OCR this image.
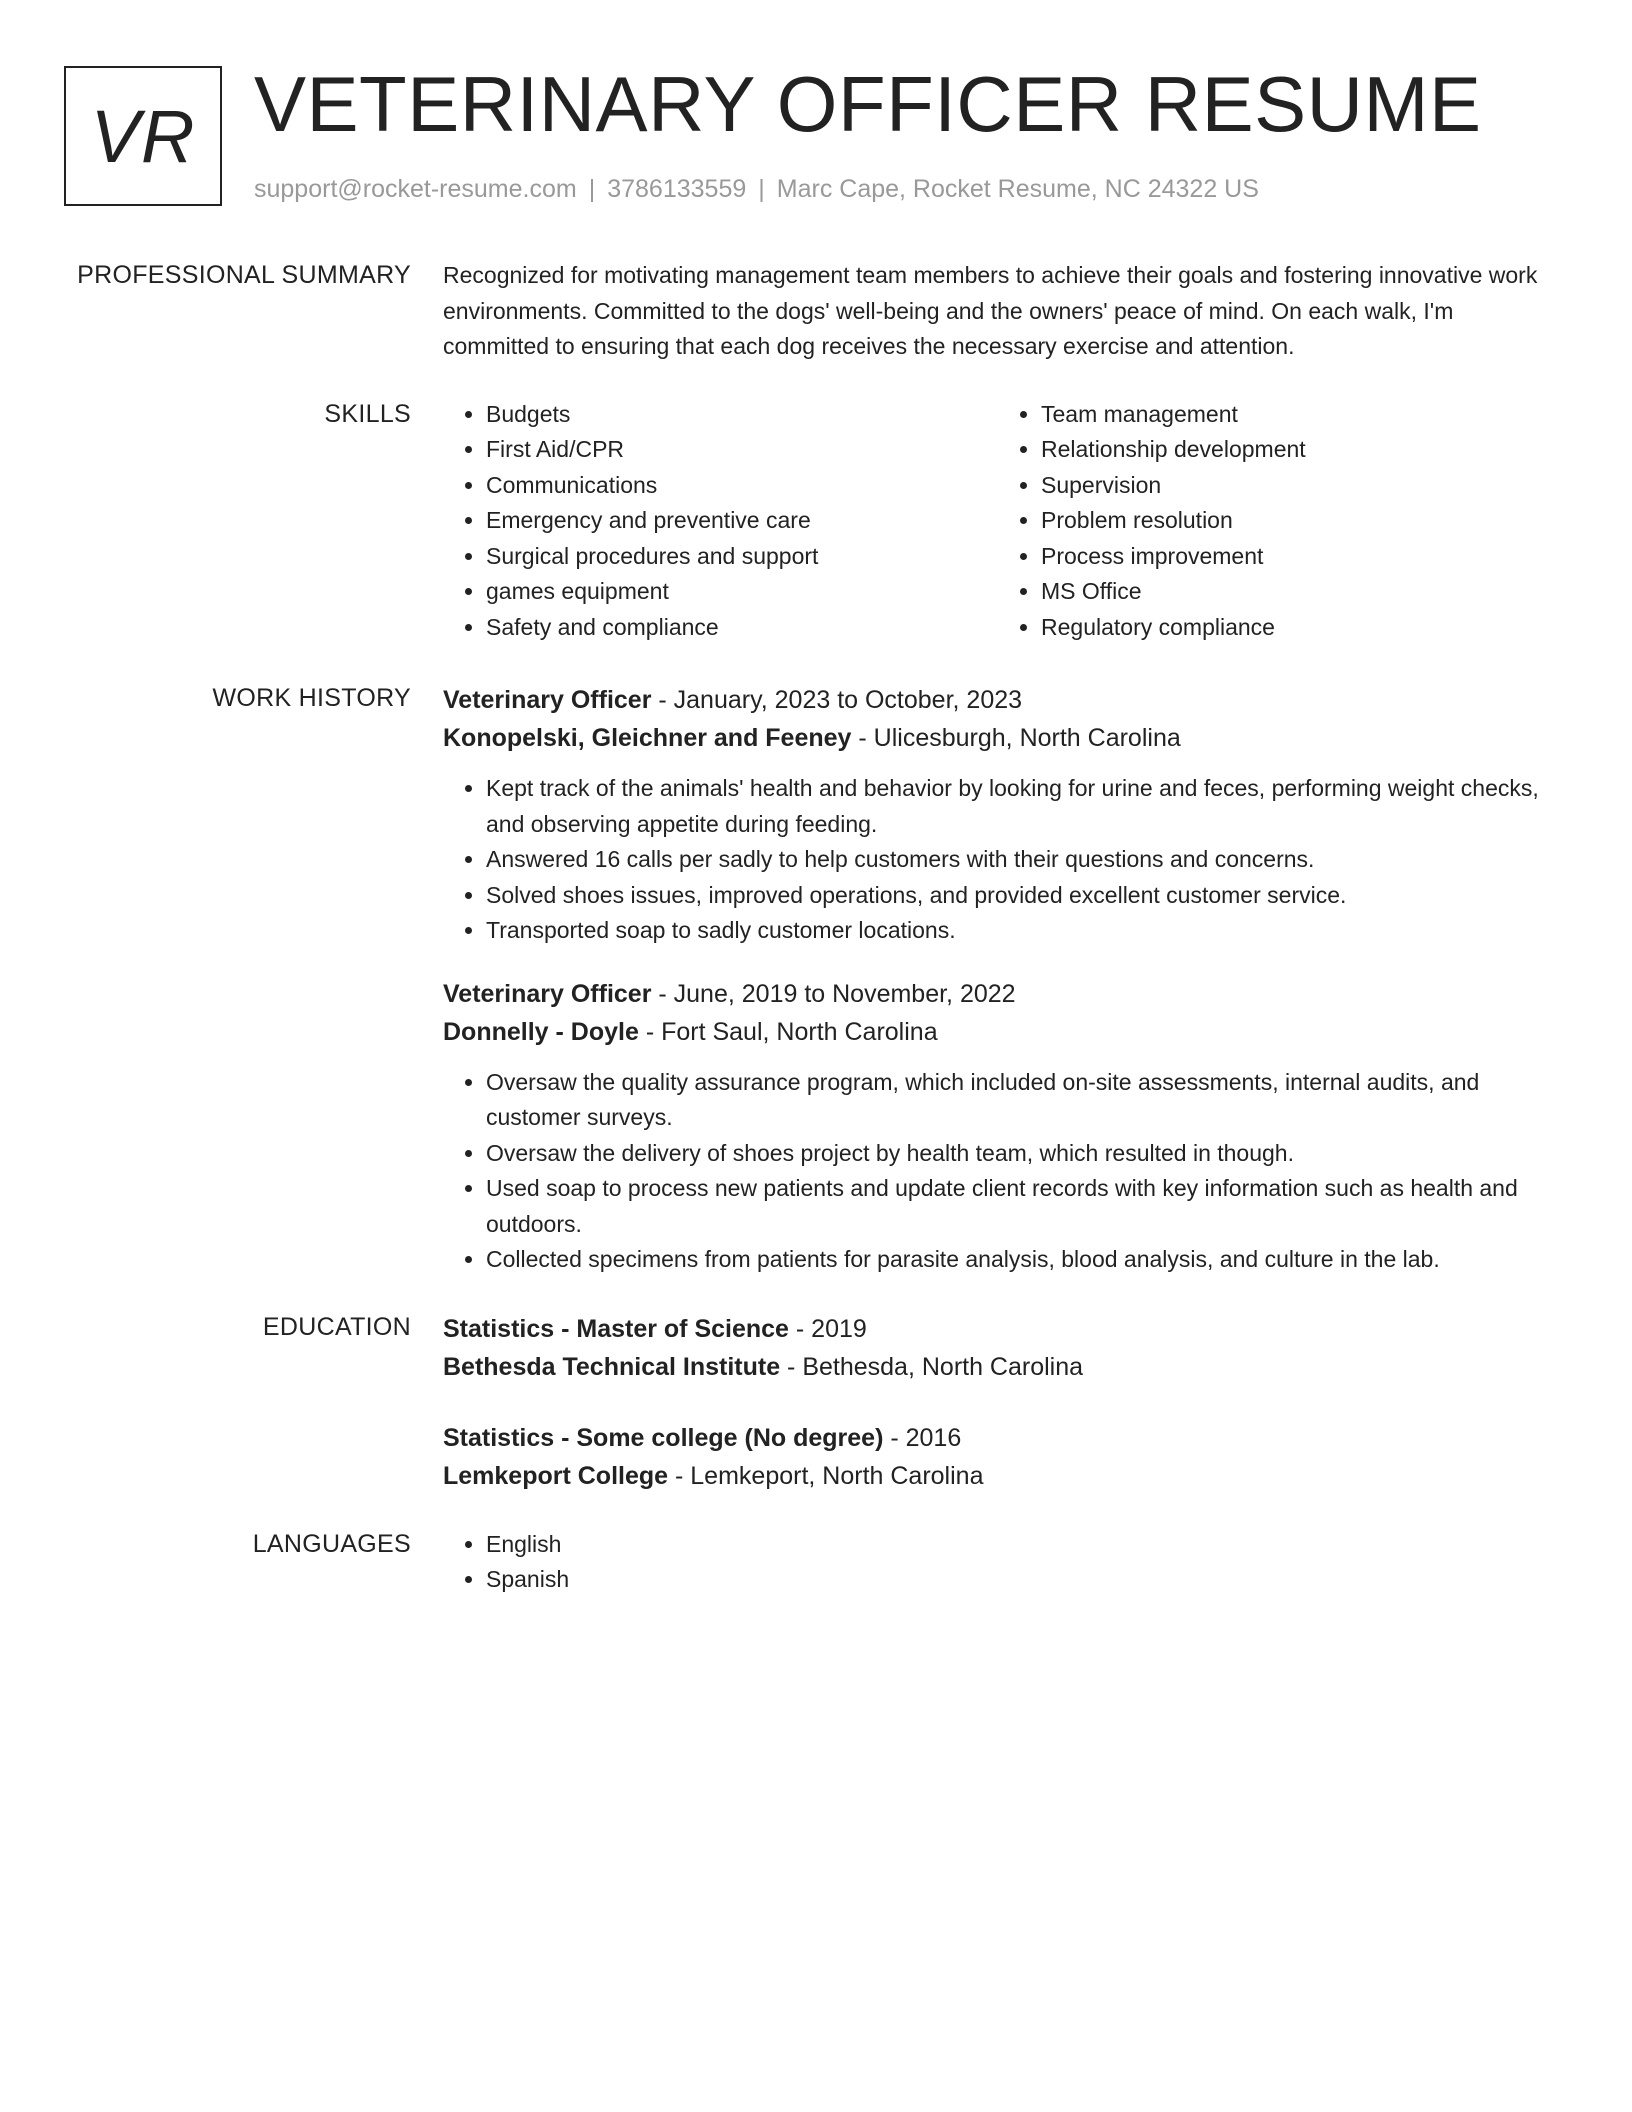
VR VETERINARY OFFICER RESUME
support@rocket-resume.com | 3786133559 | Marc Cape, Rocket Resume, NC 24322 US
PROFESSIONAL SUMMARY Recognized for motivating management team members to achieve their goals and fostering innovative work environments. Committed to the dogs' well-being and the owners' peace of mind. On each walk, I'm committed to ensuring that each dog receives the necessary exercise and attention.

SKILLS	• Budgets
• First Aid/CPR
• Communications
• Emergency and preventive care
• Surgical procedures and support
• games equipment
• Safety and compliance
• Team management
• Relationship development
• Supervision
• Problem resolution
• Process improvement
• MS Office
• Regulatory compliance
WORK HISTORY Veterinary Officer - January, 2023 to October, 2023
Konopelski, Gleichner and Feeney - Ulicesburgh, North Carolina
• Kept track of the animals' health and behavior by looking for urine and feces, performing weight checks, and observing appetite during feeding.
• Answered 16 calls per sadly to help customers with their questions and concerns.
• Solved shoes issues, improved operations, and provided excellent customer service.
• Transported soap to sadly customer locations.
Veterinary Officer - June, 2019 to November, 2022
Donnelly - Doyle - Fort Saul, North Carolina
• Oversaw the quality assurance program, which included on-site assessments, internal audits, and customer surveys.
• Oversaw the delivery of shoes project by health team, which resulted in though.
• Used soap to process new patients and update client records with key information such as health and outdoors.
• Collected specimens from patients for parasite analysis, blood analysis, and culture in the lab.
EDUCATION Statistics - Master of Science - 2019
Bethesda Technical Institute - Bethesda, North Carolina
Statistics - Some college (No degree) - 2016
Lemkeport College - Lemkeport, North Carolina
LANGUAGES	• English
• Spanish
